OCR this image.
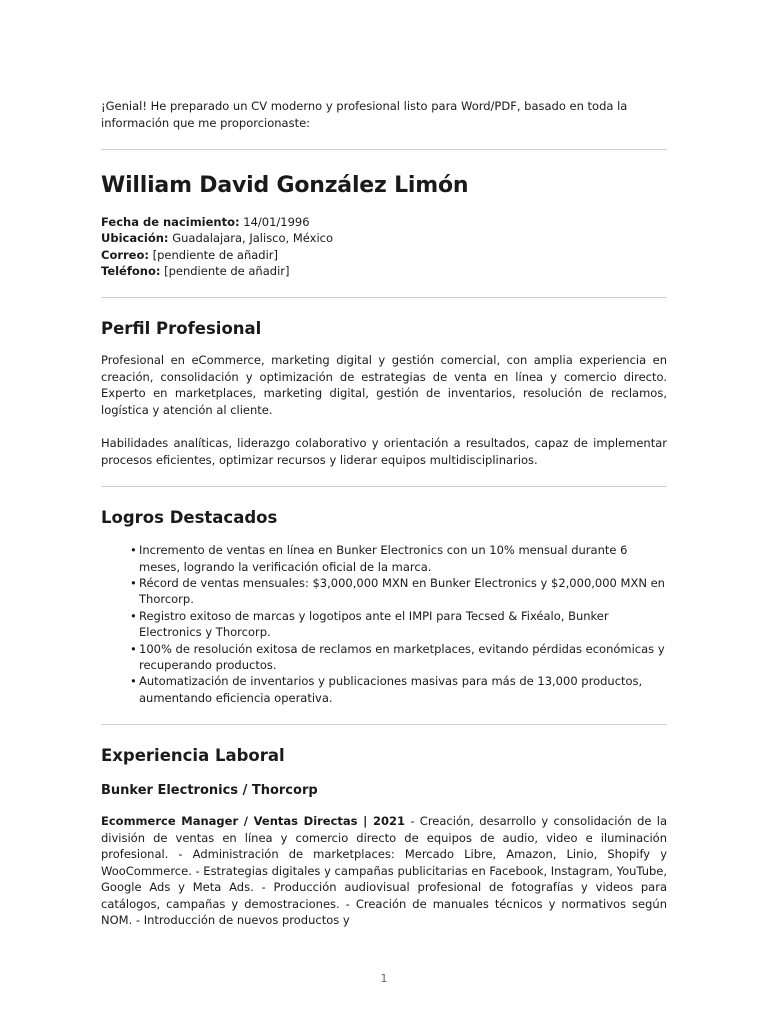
¡Genial! He preparado un CV moderno y profesional listo para Word/PDF, basado en toda la información que me proporcionaste:

William David González Limón
Fecha de nacimiento: 14/01/1996
Ubicación: Guadalajara, Jalisco, México
Correo: [pendiente de añadir]
Teléfono: [pendiente de añadir]
Perfil Profesional

Profesional en eCommerce, marketing digital y gestión comercial, con amplia experiencia en creación, consolidación y optimización de estrategias de venta en línea y comercio directo. Experto en marketplaces, marketing digital, gestión de inventarios, resolución de reclamos, logística y atención al cliente.

Habilidades analíticas, liderazgo colaborativo y orientación a resultados, capaz de implementar procesos eficientes, optimizar recursos y liderar equipos multidisciplinarios.

Logros Destacados
• Incremento de ventas en línea en Bunker Electronics con un 10% mensual durante 6 meses, logrando la verificación oficial de la marca.
• Récord de ventas mensuales: $3,000,000 MXN en Bunker Electronics y $2,000,000 MXN en Thorcorp.
• Registro exitoso de marcas y logotipos ante el IMPI para Tecsed & Fixéalo, Bunker Electronics y Thorcorp.
• 100% de resolución exitosa de reclamos en marketplaces, evitando pérdidas económicas y recuperando productos.
• Automatización de inventarios y publicaciones masivas para más de 13,000 productos, aumentando eficiencia operativa.
Experiencia Laboral
Bunker Electronics / Thorcorp

Ecommerce Manager / Ventas Directas | 2021 - Creación, desarrollo y consolidación de la división de ventas en línea y comercio directo de equipos de audio, video e iluminación profesional. - Administración de marketplaces: Mercado Libre, Amazon, Linio, Shopify y WooCommerce. - Estrategias digitales y campañas publicitarias en Facebook, Instagram, YouTube, Google Ads y Meta Ads. - Producción audiovisual profesional de fotografías y videos para catálogos, campañas y demostraciones. - Creación de manuales técnicos y normativos según NOM. - Introducción de nuevos productos y

1
